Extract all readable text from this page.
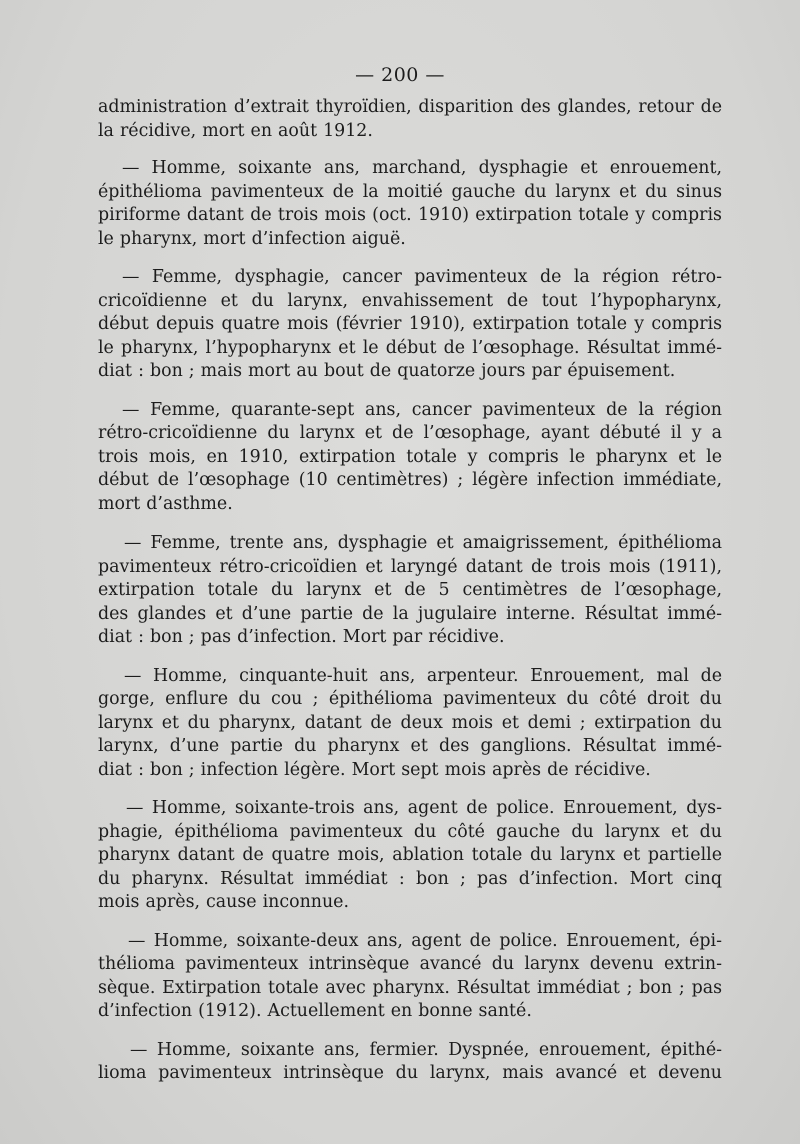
— 200 —
administration d’extrait thyroïdien, disparition des glandes, retour de
la récidive, mort en août 1912.
— Homme, soixante ans, marchand, dysphagie et enrouement,
épithélioma pavimenteux de la moitié gauche du larynx et du sinus
piriforme datant de trois mois (oct. 1910) extirpation totale y compris
le pharynx, mort d’infection aiguë.
— Femme, dysphagie, cancer pavimenteux de la région rétro-
cricoïdienne et du larynx, envahissement de tout l’hypopharynx,
début depuis quatre mois (février 1910), extirpation totale y compris
le pharynx, l’hypopharynx et le début de l’œsophage. Résultat immé-
diat : bon ; mais mort au bout de quatorze jours par épuisement.
— Femme, quarante-sept ans, cancer pavimenteux de la région
rétro-cricoïdienne du larynx et de l’œsophage, ayant débuté il y a
trois mois, en 1910, extirpation totale y compris le pharynx et le
début de l’œsophage (10 centimètres) ; légère infection immédiate,
mort d’asthme.
— Femme, trente ans, dysphagie et amaigrissement, épithélioma
pavimenteux rétro-cricoïdien et laryngé datant de trois mois (1911),
extirpation totale du larynx et de 5 centimètres de l’œsophage,
des glandes et d’une partie de la jugulaire interne. Résultat immé-
diat : bon ; pas d’infection. Mort par récidive.
— Homme, cinquante-huit ans, arpenteur. Enrouement, mal de
gorge, enflure du cou ; épithélioma pavimenteux du côté droit du
larynx et du pharynx, datant de deux mois et demi ; extirpation du
larynx, d’une partie du pharynx et des ganglions. Résultat immé-
diat : bon ; infection légère. Mort sept mois après de récidive.
— Homme, soixante-trois ans, agent de police. Enrouement, dys-
phagie, épithélioma pavimenteux du côté gauche du larynx et du
pharynx datant de quatre mois, ablation totale du larynx et partielle
du pharynx. Résultat immédiat : bon ; pas d’infection. Mort cinq
mois après, cause inconnue.
— Homme, soixante-deux ans, agent de police. Enrouement, épi-
thélioma pavimenteux intrinsèque avancé du larynx devenu extrin-
sèque. Extirpation totale avec pharynx. Résultat immédiat ; bon ; pas
d’infection (1912). Actuellement en bonne santé.
— Homme, soixante ans, fermier. Dyspnée, enrouement, épithé-
lioma pavimenteux intrinsèque du larynx, mais avancé et devenu
